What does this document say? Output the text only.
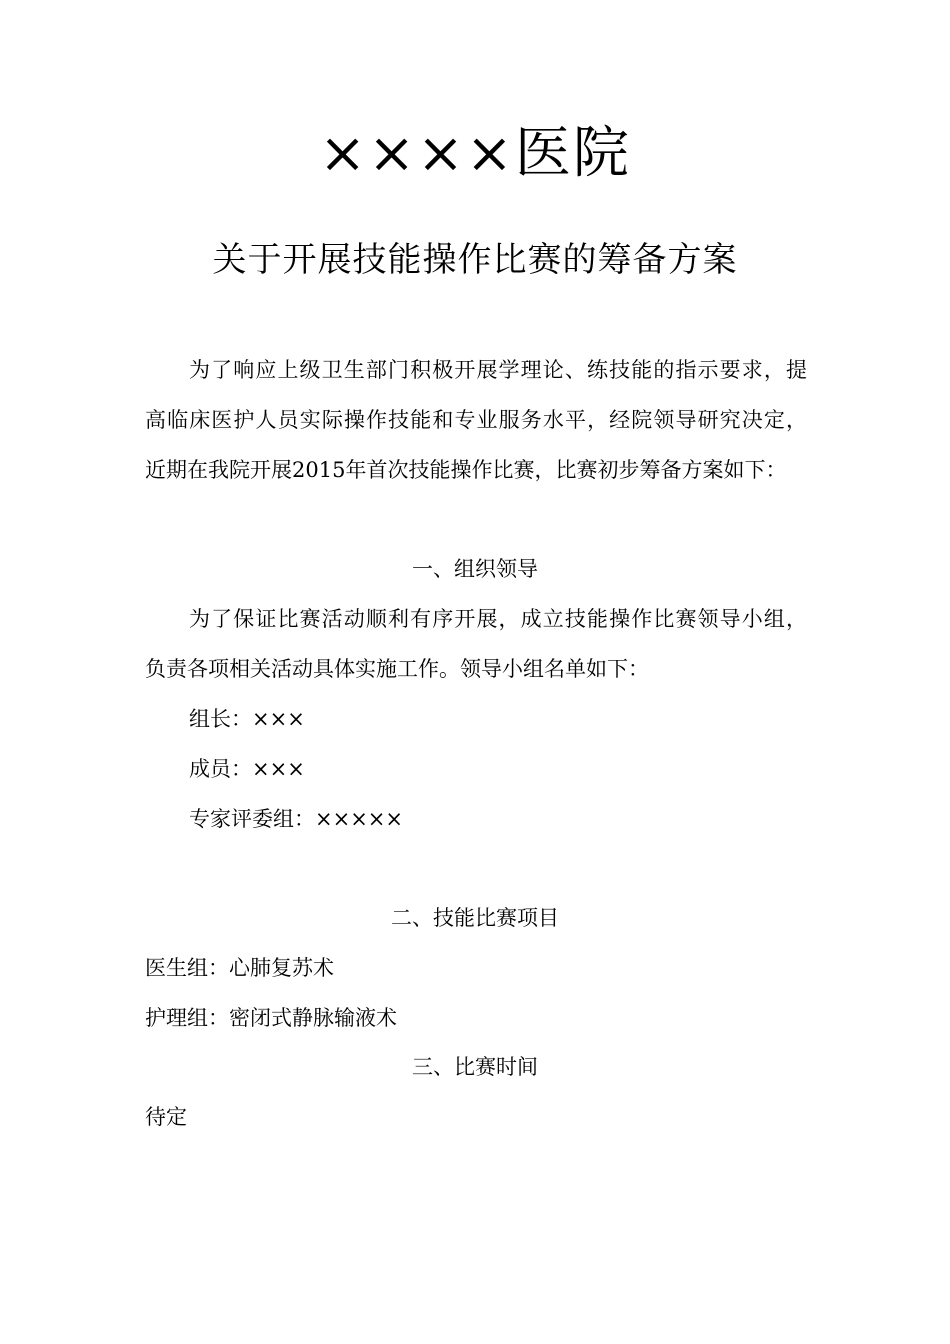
××××医院
关于开展技能操作比赛的筹备方案
为了响应上级卫生部门积极开展学理论、练技能的指示要求，提
高临床医护人员实际操作技能和专业服务水平，经院领导研究决定，
近期在我院开展2015年首次技能操作比赛，比赛初步筹备方案如下：
一、组织领导
为了保证比赛活动顺利有序开展，成立技能操作比赛领导小组，
负责各项相关活动具体实施工作。领导小组名单如下：
组长：×××
成员：×××
专家评委组：×××××
二、技能比赛项目
医生组：心肺复苏术
护理组：密闭式静脉输液术
三、比赛时间
待定
